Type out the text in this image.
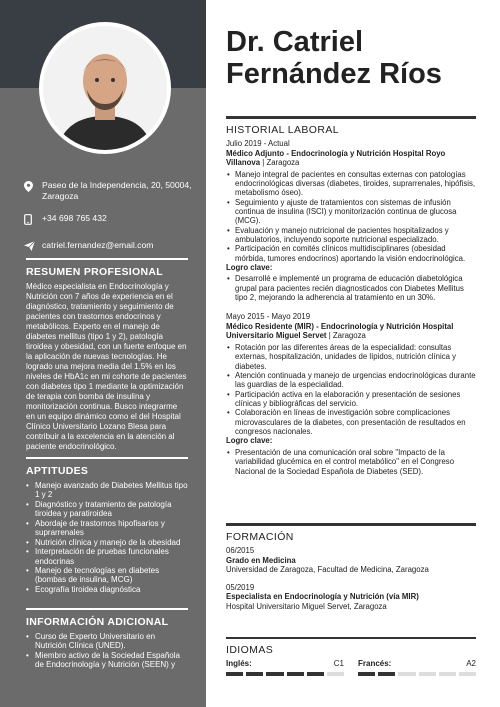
Paseo de la Independencia, 20, 50004, Zaragoza
+34 698 765 432
catriel.fernandez@email.com
RESUMEN PROFESIONAL
Médico especialista en Endocrinología y Nutrición con 7 años de experiencia en el diagnóstico, tratamiento y seguimiento de pacientes con trastornos endocrinos y metabólicos. Experto en el manejo de diabetes mellitus (tipo 1 y 2), patología tiroidea y obesidad, con un fuerte enfoque en la aplicación de nuevas tecnologías. He logrado una mejora media del 1.5% en los niveles de HbA1c en mi cohorte de pacientes con diabetes tipo 1 mediante la optimización de terapia con bomba de insulina y monitorización continua. Busco integrarme en un equipo dinámico como el del Hospital Clínico Universitario Lozano Blesa para contribuir a la excelencia en la atención al paciente endocrinológico.
APTITUDES
• Manejo avanzado de Diabetes Mellitus tipo 1 y 2
• Diagnóstico y tratamiento de patología tiroidea y paratiroidea
• Abordaje de trastornos hipofisarios y suprarrenales
• Nutrición clínica y manejo de la obesidad
• Interpretación de pruebas funcionales endocrinas
• Manejo de tecnologías en diabetes (bombas de insulina, MCG)
• Ecografía tiroidea diagnóstica
INFORMACIÓN ADICIONAL
• Curso de Experto Universitario en Nutrición Clínica (UNED).
• Miembro activo de la Sociedad Española de Endocrinología y Nutrición (SEEN) y
Dr. Catriel Fernández Ríos
HISTORIAL LABORAL
Julio 2019 - Actual
Médico Adjunto - Endocrinología y Nutrición Hospital Royo Villanova | Zaragoza
• Manejo integral de pacientes en consultas externas con patologías endocrinológicas diversas (diabetes, tiroides, suprarrenales, hipófisis, metabolismo óseo).
• Seguimiento y ajuste de tratamientos con sistemas de infusión continua de insulina (ISCI) y monitorización continua de glucosa (MCG).
• Evaluación y manejo nutricional de pacientes hospitalizados y ambulatorios, incluyendo soporte nutricional especializado.
• Participación en comités clínicos multidisciplinares (obesidad mórbida, tumores endocrinos) aportando la visión endocrinológica.
Logro clave:
• Desarrollé e implementé un programa de educación diabetológica grupal para pacientes recién diagnosticados con Diabetes Mellitus tipo 2, mejorando la adherencia al tratamiento en un 30%.
Mayo 2015 - Mayo 2019
Médico Residente (MIR) - Endocrinología y Nutrición Hospital Universitario Miguel Servet | Zaragoza
• Rotación por las diferentes áreas de la especialidad: consultas externas, hospitalización, unidades de lípidos, nutrición clínica y diabetes.
• Atención continuada y manejo de urgencias endocrinológicas durante las guardias de la especialidad.
• Participación activa en la elaboración y presentación de sesiones clínicas y bibliográficas del servicio.
• Colaboración en líneas de investigación sobre complicaciones microvasculares de la diabetes, con presentación de resultados en congresos nacionales.
Logro clave:
• Presentación de una comunicación oral sobre "Impacto de la variabilidad glucémica en el control metabólico" en el Congreso Nacional de la Sociedad Española de Diabetes (SED).
FORMACIÓN
06/2015
Grado en Medicina
Universidad de Zaragoza, Facultad de Medicina, Zaragoza
05/2019
Especialista en Endocrinología y Nutrición (vía MIR)
Hospital Universitario Miguel Servet, Zaragoza
IDIOMAS
Inglés:	C1 Francés:	A2
